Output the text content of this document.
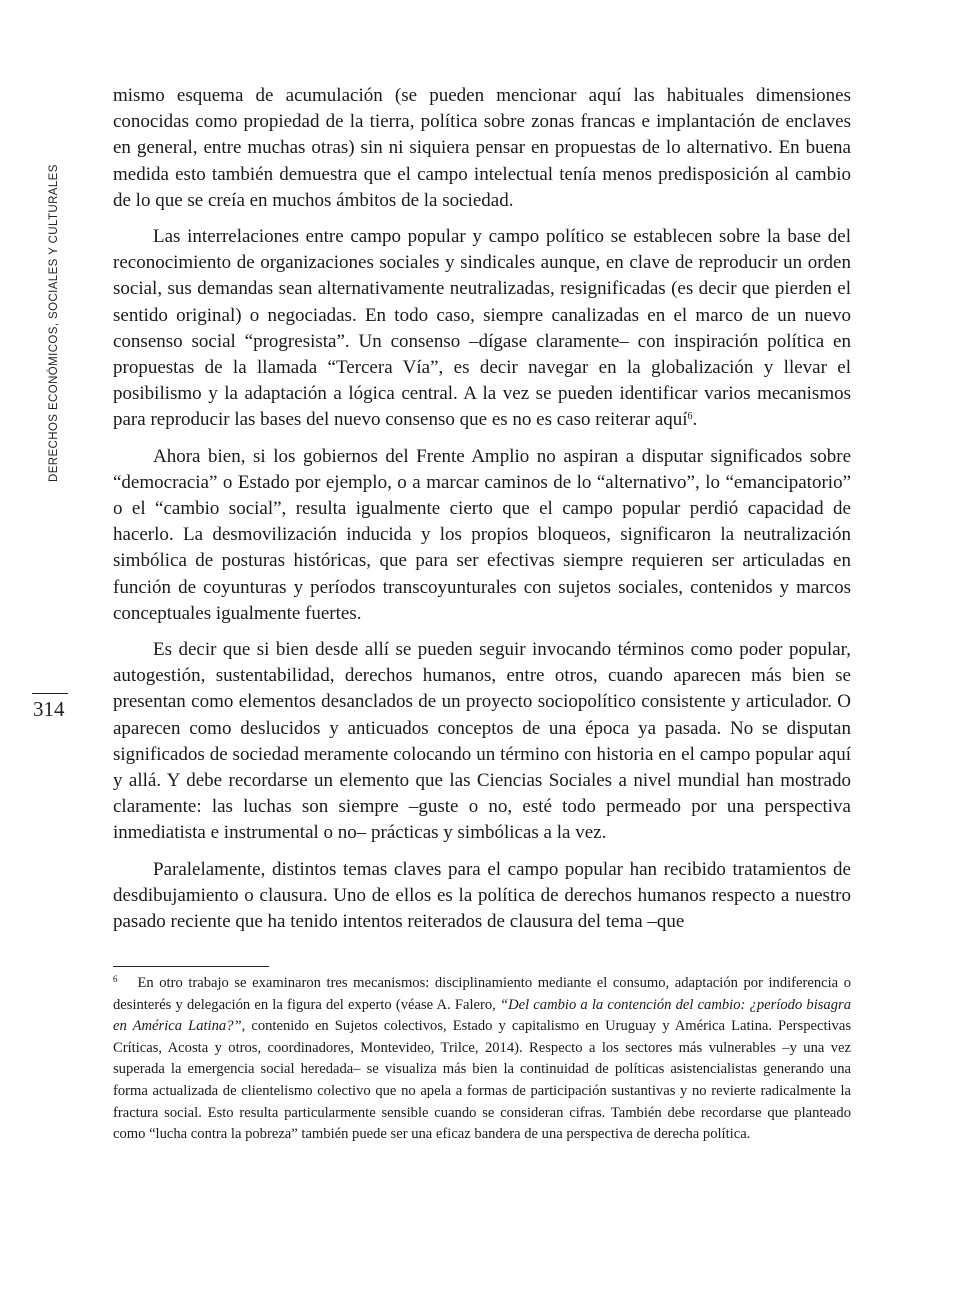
DERECHOS ECONÓMICOS, SOCIALES Y CULTURALES
314

mismo esquema de acumulación (se pueden mencionar aquí las habituales dimensiones conocidas como propiedad de la tierra, política sobre zonas francas e implantación de enclaves en general, entre muchas otras) sin ni siquiera pensar en propuestas de lo alternativo. En buena medida esto también demuestra que el campo intelectual tenía menos predisposición al cambio de lo que se creía en muchos ámbitos de la sociedad.

Las interrelaciones entre campo popular y campo político se establecen sobre la base del reconocimiento de organizaciones sociales y sindicales aunque, en clave de reproducir un orden social, sus demandas sean alternativamente neutralizadas, resignificadas (es decir que pierden el sentido original) o negociadas. En todo caso, siempre canalizadas en el marco de un nuevo consenso social “progresista”. Un consenso –dígase claramente– con inspiración política en propuestas de la llamada “Tercera Vía”, es decir navegar en la globalización y llevar el posibilismo y la adaptación a lógica central. A la vez se pueden identificar varios mecanismos para reproducir las bases del nuevo consenso que es no es caso reiterar aquí$^6$.

Ahora bien, si los gobiernos del Frente Amplio no aspiran a disputar significados sobre “democracia” o Estado por ejemplo, o a marcar caminos de lo “alternativo”, lo “emancipatorio” o el “cambio social”, resulta igualmente cierto que el campo popular perdió capacidad de hacerlo. La desmovilización inducida y los propios bloqueos, significaron la neutralización simbólica de posturas históricas, que para ser efectivas siempre requieren ser articuladas en función de coyunturas y períodos transcoyunturales con sujetos sociales, contenidos y marcos conceptuales igualmente fuertes.

Es decir que si bien desde allí se pueden seguir invocando términos como poder popular, autogestión, sustentabilidad, derechos humanos, entre otros, cuando aparecen más bien se presentan como elementos desanclados de un proyecto sociopolítico consistente y articulador. O aparecen como deslucidos y anticuados conceptos de una época ya pasada. No se disputan significados de sociedad meramente colocando un término con historia en el campo popular aquí y allá. Y debe recordarse un elemento que las Ciencias Sociales a nivel mundial han mostrado claramente: las luchas son siempre –guste o no, esté todo permeado por una perspectiva inmediatista e instrumental o no– prácticas y simbólicas a la vez.

Paralelamente, distintos temas claves para el campo popular han recibido tratamientos de desdibujamiento o clausura. Uno de ellos es la política de derechos humanos respecto a nuestro pasado reciente que ha tenido intentos reiterados de clausura del tema –que

$^6$ En otro trabajo se examinaron tres mecanismos: disciplinamiento mediante el consumo, adaptación por indiferencia o desinterés y delegación en la figura del experto (véase A. Falero, “Del cambio a la contención del cambio: ¿período bisagra en América Latina?”, contenido en Sujetos colectivos, Estado y capitalismo en Uruguay y América Latina. Perspectivas Críticas, Acosta y otros, coordinadores, Montevideo, Trilce, 2014). Respecto a los sectores más vulnerables –y una vez superada la emergencia social heredada– se visualiza más bien la continuidad de políticas asistencialistas generando una forma actualizada de clientelismo colectivo que no apela a formas de participación sustantivas y no revierte radicalmente la fractura social. Esto resulta particularmente sensible cuando se consideran cifras. También debe recordarse que planteado como “lucha contra la pobreza” también puede ser una eficaz bandera de una perspectiva de derecha política.
